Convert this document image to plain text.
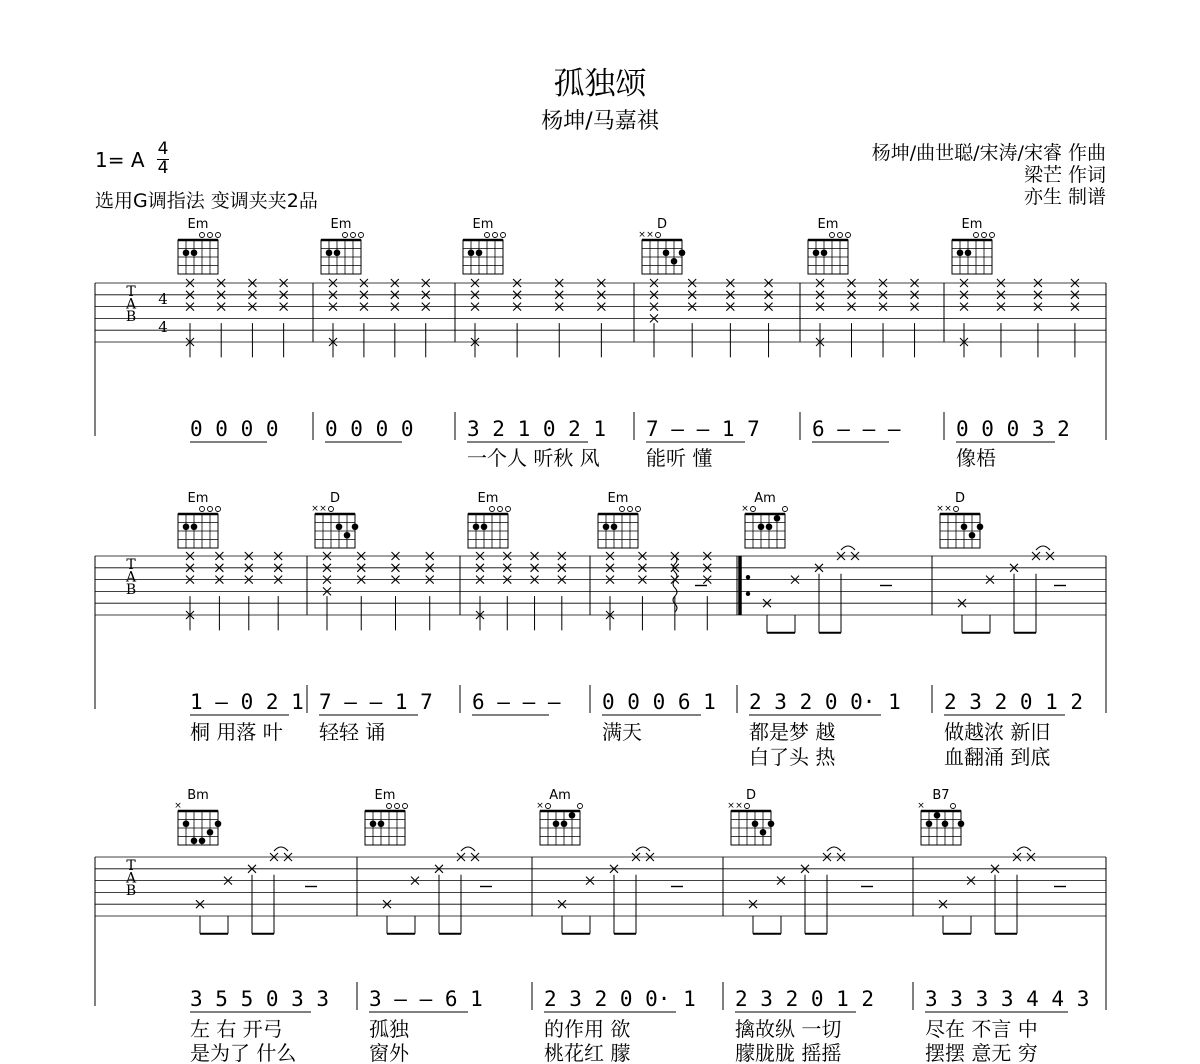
孤独颂
杨坤/马嘉祺
1= A 4
4
选用G调指法 变调夹夹2品
杨坤/曲世聪/宋涛/宋睿 作曲
梁芒 作词
亦生 制谱
T
A
B
4
4
Em
0 0 0 0
Em
0 0 0 0
Em
3 2 1 0 2 1
一个人 听秋 风
D
× ×
7 — — 1 7
能听 懂
Em
6 — — —
Em
0 0 0 3 2
像梧
T
A
B
Em
1 — 0 2 1
桐 用落 叶
D
× ×
7 — — 1 7
轻轻 诵
Em
6 — — —
Em
0 0 0 6 1
满天
Am
×
2 3 2 0 0· 1
都是梦 越
白了头 热
D
× ×
2 3 2 0 1 2
做越浓 新旧
血翻涌 到底
T
A
B
Bm
×
3 5 5 0 3 3
左 右 开弓
是为了 什么
Em
3 — — 6 1
孤独
窗外
Am
×
2 3 2 0 0· 1
的作用 欲
桃花红 朦
D
× ×
2 3 2 0 1 2
擒故纵 一切
朦胧胧 摇摇
B7
×
3 3 3 3 4 4 3
尽在 不言 中
摆摆 意无 穷
